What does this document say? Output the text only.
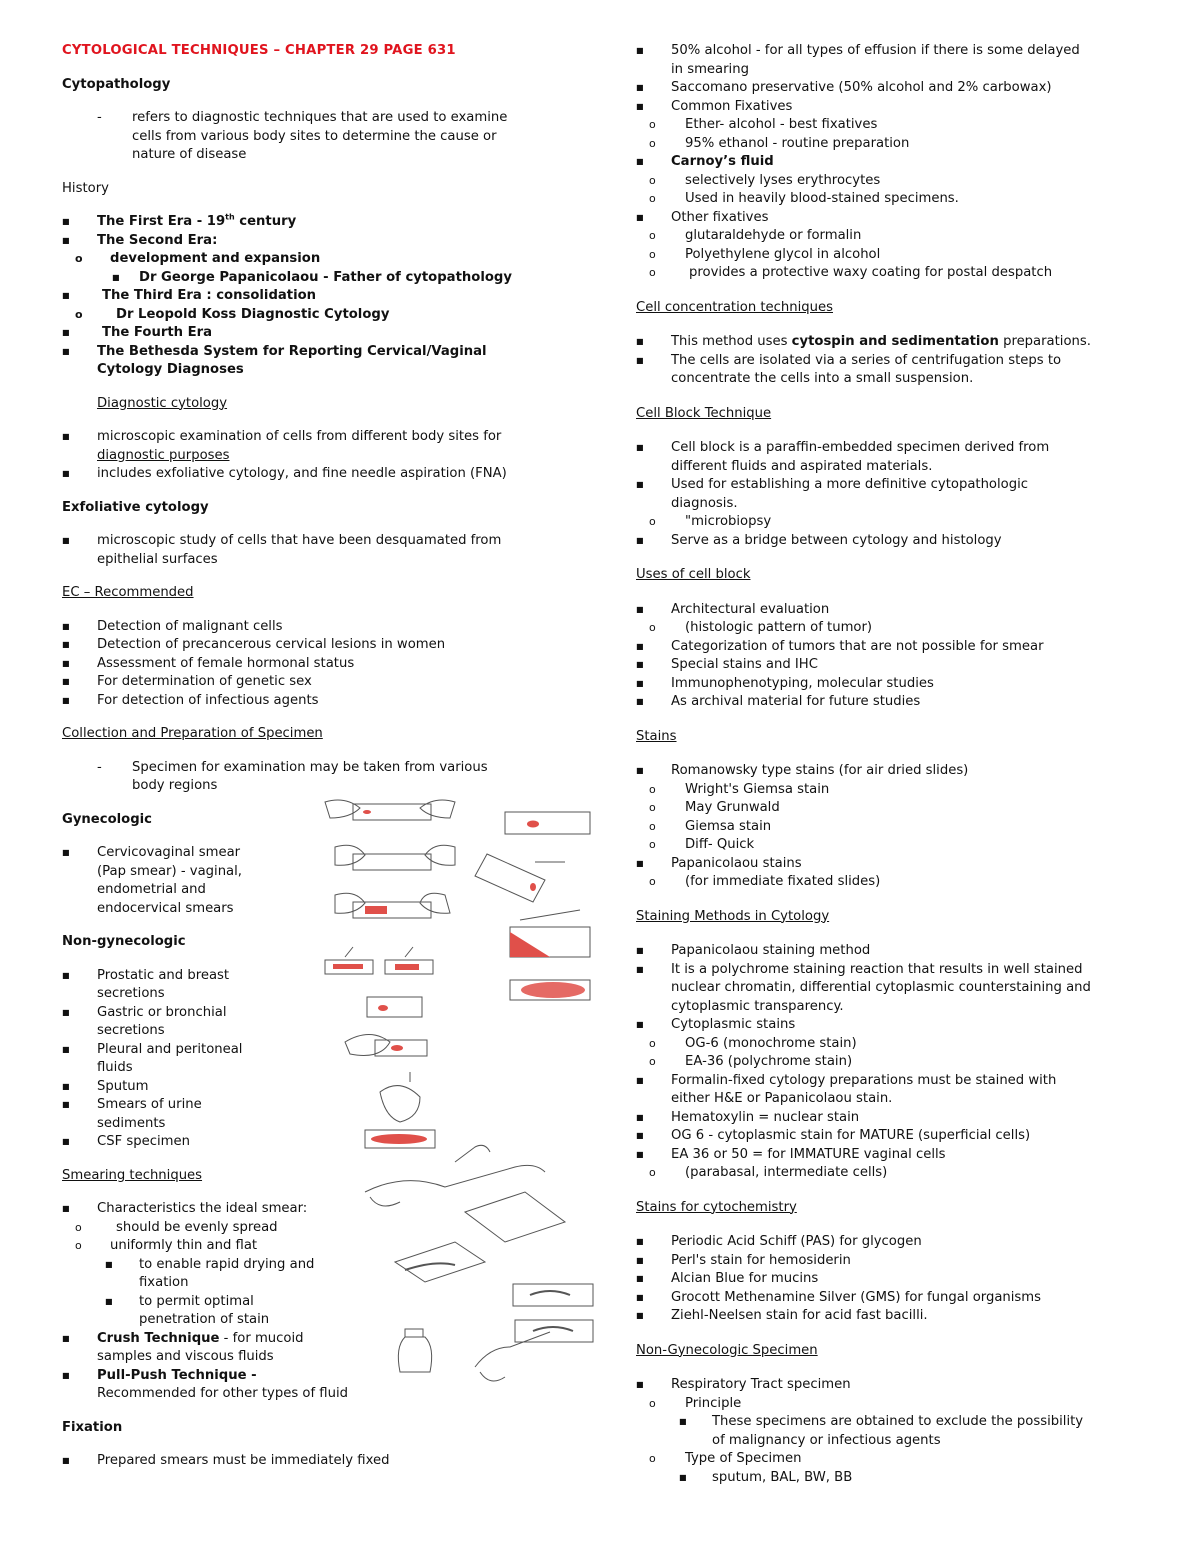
CYTOLOGICAL TECHNIQUES – CHAPTER 29 PAGE 631
Cytopathology
- refers to diagnostic techniques that are used to examine
cells from various body sites to determine the cause or
nature of disease
History
■ The First Era - 19th century
■ The Second Era:
o development and expansion
■ Dr George Papanicolaou - Father of cytopathology
■ The Third Era : consolidation
o	Dr Leopold Koss Diagnostic Cytology
■ The Fourth Era
■ The Bethesda System for Reporting Cervical/Vaginal
Cytology Diagnoses
Diagnostic cytology
■ microscopic examination of cells from different body sites for
diagnostic purposes
■ includes exfoliative cytology, and fine needle aspiration (FNA)
Exfoliative cytology
■ microscopic study of cells that have been desquamated from
epithelial surfaces
EC – Recommended
■ Detection of malignant cells
■ Detection of precancerous cervical lesions in women
■ Assessment of female hormonal status
■ For determination of genetic sex
■ For detection of infectious agents
Collection and Preparation of Specimen
- Specimen for examination may be taken from various
body regions
Gynecologic
■ Cervicovaginal smear
(Pap smear) - vaginal,
endometrial and
endocervical smears
Non-gynecologic
■ Prostatic and breast
secretions
■ Gastric or bronchial
secretions
■ Pleural and peritoneal
fluids
■ Sputum
■ Smears of urine
sediments
■ CSF specimen
Smearing techniques
■ Characteristics the ideal smear:
o	should be evenly spread
o uniformly thin and flat
■ to enable rapid drying and
fixation
■ to permit optimal
penetration of stain
■ Crush Technique - for mucoid
samples and viscous fluids
■ Pull-Push Technique -
Recommended for other types of fluid
Fixation
■ Prepared smears must be immediately fixed
■ 50% alcohol - for all types of effusion if there is some delayed
in smearing
■ Saccomano preservative (50% alcohol and 2% carbowax)
■ Common Fixatives
o Ether- alcohol - best fixatives
o 95% ethanol - routine preparation
■ Carnoy’s fluid
o selectively lyses erythrocytes
o Used in heavily blood-stained specimens.
■ Other fixatives
o glutaraldehyde or formalin
o Polyethylene glycol in alcohol
o	provides a protective waxy coating for postal despatch
Cell concentration techniques
■ This method uses cytospin and sedimentation preparations.
■ The cells are isolated via a series of centrifugation steps to
concentrate the cells into a small suspension.
Cell Block Technique
■ Cell block is a paraffin-embedded specimen derived from
different fluids and aspirated materials.
■ Used for establishing a more definitive cytopathologic
diagnosis.
o "microbiopsy
■ Serve as a bridge between cytology and histology
Uses of cell block
■ Architectural evaluation
o (histologic pattern of tumor)
■ Categorization of tumors that are not possible for smear
■ Special stains and IHC
■ Immunophenotyping, molecular studies
■ As archival material for future studies
Stains
■ Romanowsky type stains (for air dried slides)
o Wright's Giemsa stain
o May Grunwald
o Giemsa stain
o Diff- Quick
■ Papanicolaou stains
o (for immediate fixated slides)
Staining Methods in Cytology
■ Papanicolaou staining method
■ It is a polychrome staining reaction that results in well stained
nuclear chromatin, differential cytoplasmic counterstaining and
cytoplasmic transparency.
■ Cytoplasmic stains
o OG-6 (monochrome stain)
o EA-36 (polychrome stain)
■ Formalin-fixed cytology preparations must be stained with
either H&E or Papanicolaou stain.
■ Hematoxylin = nuclear stain
■ OG 6 - cytoplasmic stain for MATURE (superficial cells)
■ EA 36 or 50 = for IMMATURE vaginal cells
o (parabasal, intermediate cells)
Stains for cytochemistry
■ Periodic Acid Schiff (PAS) for glycogen
■ Perl's stain for hemosiderin
■ Alcian Blue for mucins
■ Grocott Methenamine Silver (GMS) for fungal organisms
■ Ziehl-Neelsen stain for acid fast bacilli.
Non-Gynecologic Specimen
■ Respiratory Tract specimen
o Principle
■ These specimens are obtained to exclude the possibility
of malignancy or infectious agents
o Type of Specimen
■ sputum, BAL, BW, BB
